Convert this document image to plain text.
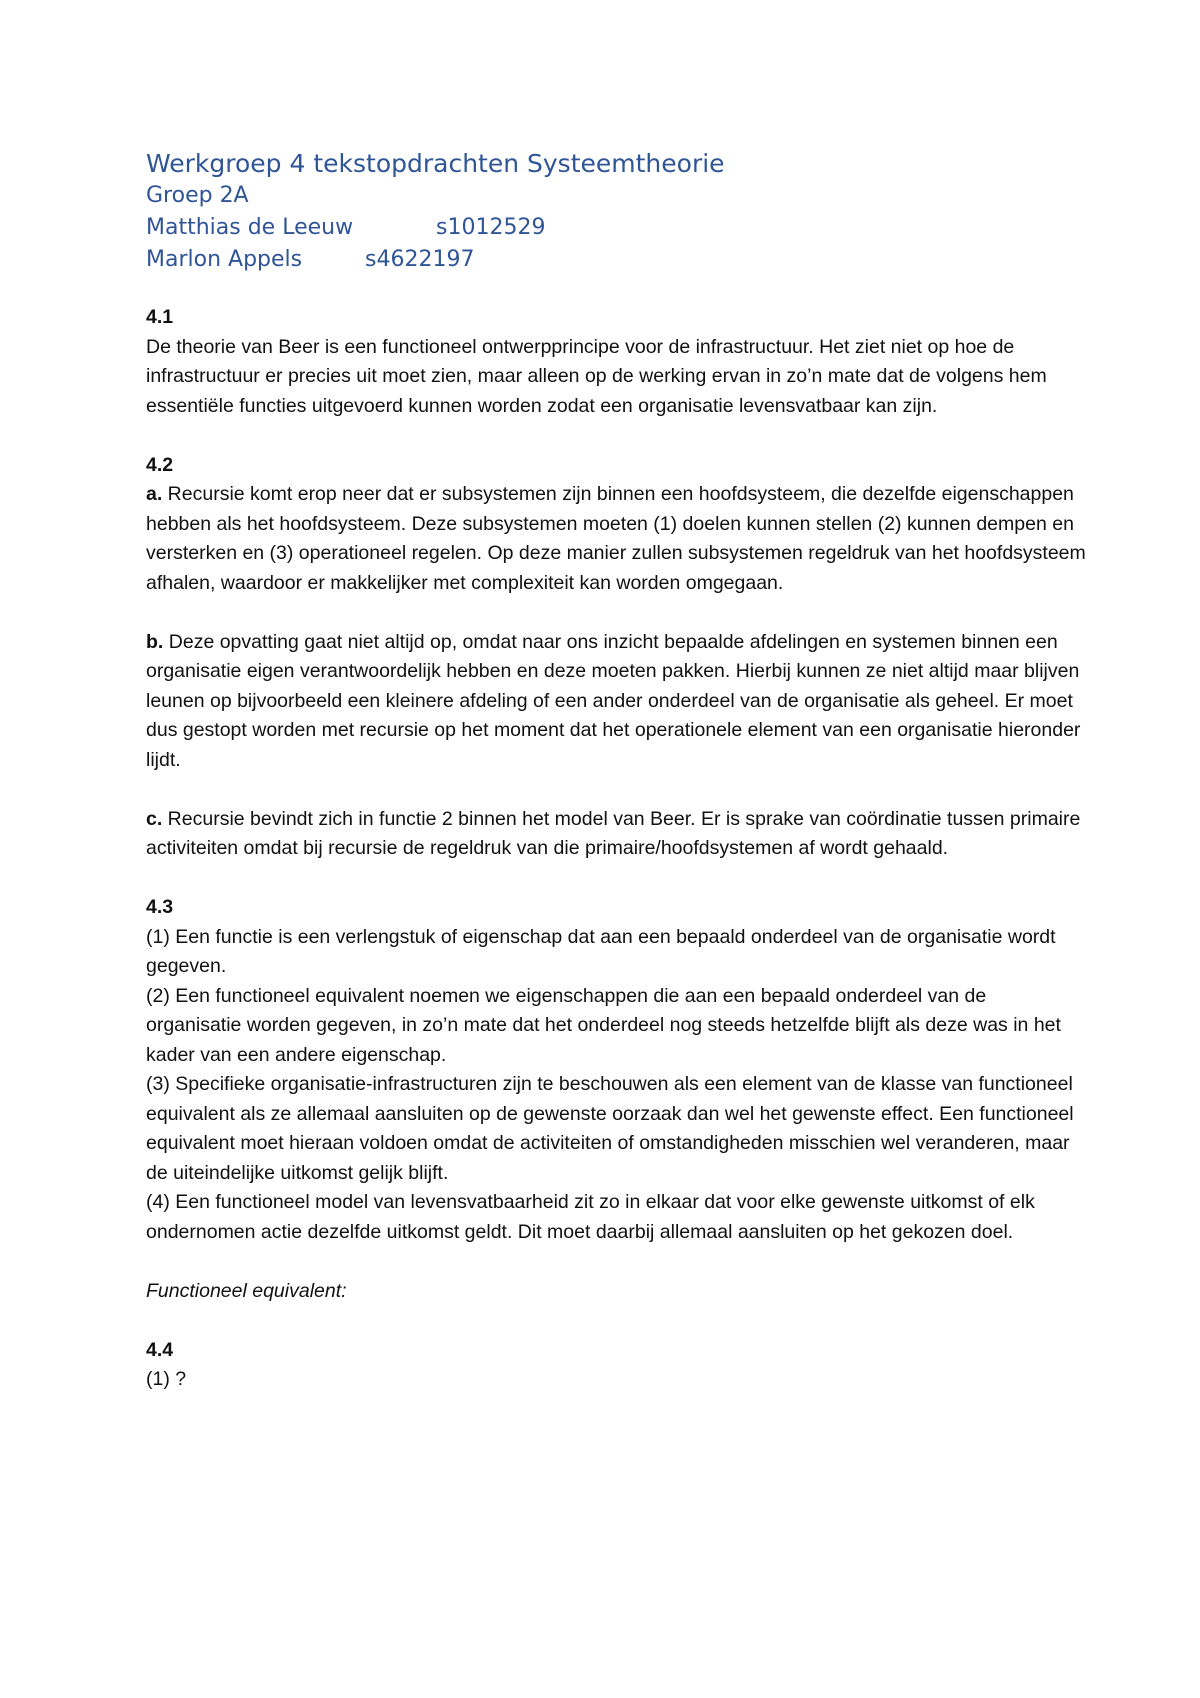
Werkgroep 4 tekstopdrachten Systeemtheorie

Groep 2A

Matthias de Leeuw	s1012529

Marlon Appels	s4622197

4.1

De theorie van Beer is een functioneel ontwerpprincipe voor de infrastructuur. Het ziet niet op hoe de infrastructuur er precies uit moet zien, maar alleen op de werking ervan in zo’n mate dat de volgens hem essentiële functies uitgevoerd kunnen worden zodat een organisatie levensvatbaar kan zijn.

4.2

a. Recursie komt erop neer dat er subsystemen zijn binnen een hoofdsysteem, die dezelfde eigenschappen hebben als het hoofdsysteem. Deze subsystemen moeten (1) doelen kunnen stellen (2) kunnen dempen en versterken en (3) operationeel regelen. Op deze manier zullen subsystemen regeldruk van het hoofdsysteem afhalen, waardoor er makkelijker met complexiteit kan worden omgegaan.

b. Deze opvatting gaat niet altijd op, omdat naar ons inzicht bepaalde afdelingen en systemen binnen een organisatie eigen verantwoordelijk hebben en deze moeten pakken. Hierbij kunnen ze niet altijd maar blijven leunen op bijvoorbeeld een kleinere afdeling of een ander onderdeel van de organisatie als geheel. Er moet dus gestopt worden met recursie op het moment dat het operationele element van een organisatie hieronder lijdt.

c. Recursie bevindt zich in functie 2 binnen het model van Beer. Er is sprake van coördinatie tussen primaire activiteiten omdat bij recursie de regeldruk van die primaire/hoofdsystemen af wordt gehaald.

4.3

(1) Een functie is een verlengstuk of eigenschap dat aan een bepaald onderdeel van de organisatie wordt gegeven.

(2) Een functioneel equivalent noemen we eigenschappen die aan een bepaald onderdeel van de organisatie worden gegeven, in zo’n mate dat het onderdeel nog steeds hetzelfde blijft als deze was in het kader van een andere eigenschap.

(3) Specifieke organisatie-infrastructuren zijn te beschouwen als een element van de klasse van functioneel equivalent als ze allemaal aansluiten op de gewenste oorzaak dan wel het gewenste effect. Een functioneel equivalent moet hieraan voldoen omdat de activiteiten of omstandigheden misschien wel veranderen, maar de uiteindelijke uitkomst gelijk blijft.

(4) Een functioneel model van levensvatbaarheid zit zo in elkaar dat voor elke gewenste uitkomst of elk ondernomen actie dezelfde uitkomst geldt. Dit moet daarbij allemaal aansluiten op het gekozen doel.

Functioneel equivalent:

4.4

(1) ?
